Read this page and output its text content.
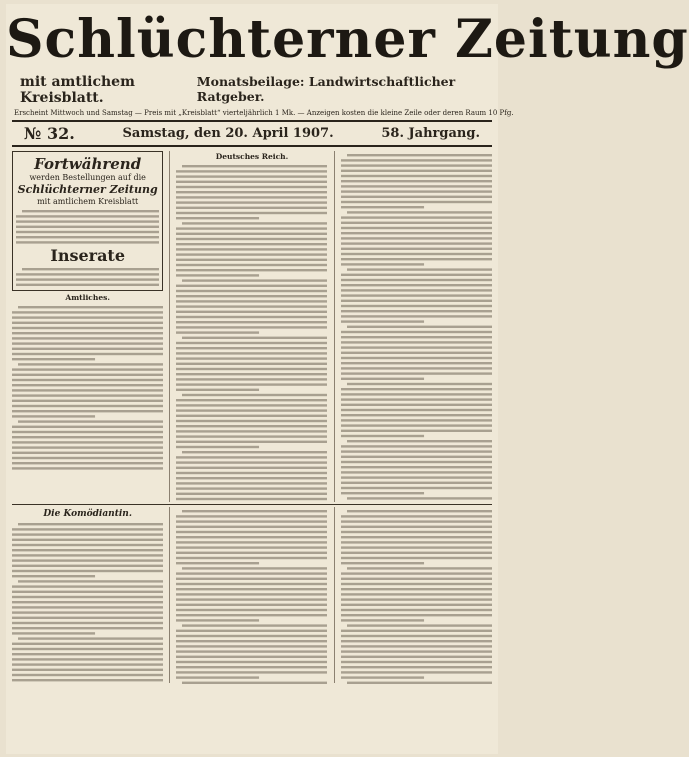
Schlüchterner Zeitung
mit amtlichem Kreisblatt.
Monatsbeilage: Landwirtschaftlicher Ratgeber.
Erscheint Mittwoch und Samstag — Preis mit „Kreisblatt“ vierteljährlich 1 Mk. — Anzeigen kosten die kleine Zeile oder deren Raum 10 Pfg.
№ 32.	Samstag, den 20. April 1907.	58. Jahrgang.
Fortwährend
werden Bestellungen auf die
Schlüchterner Zeitung
mit amtlichem Kreisblatt
Inserate
Amtliches.
Deutsches Reich.
Die Komödiantin.
